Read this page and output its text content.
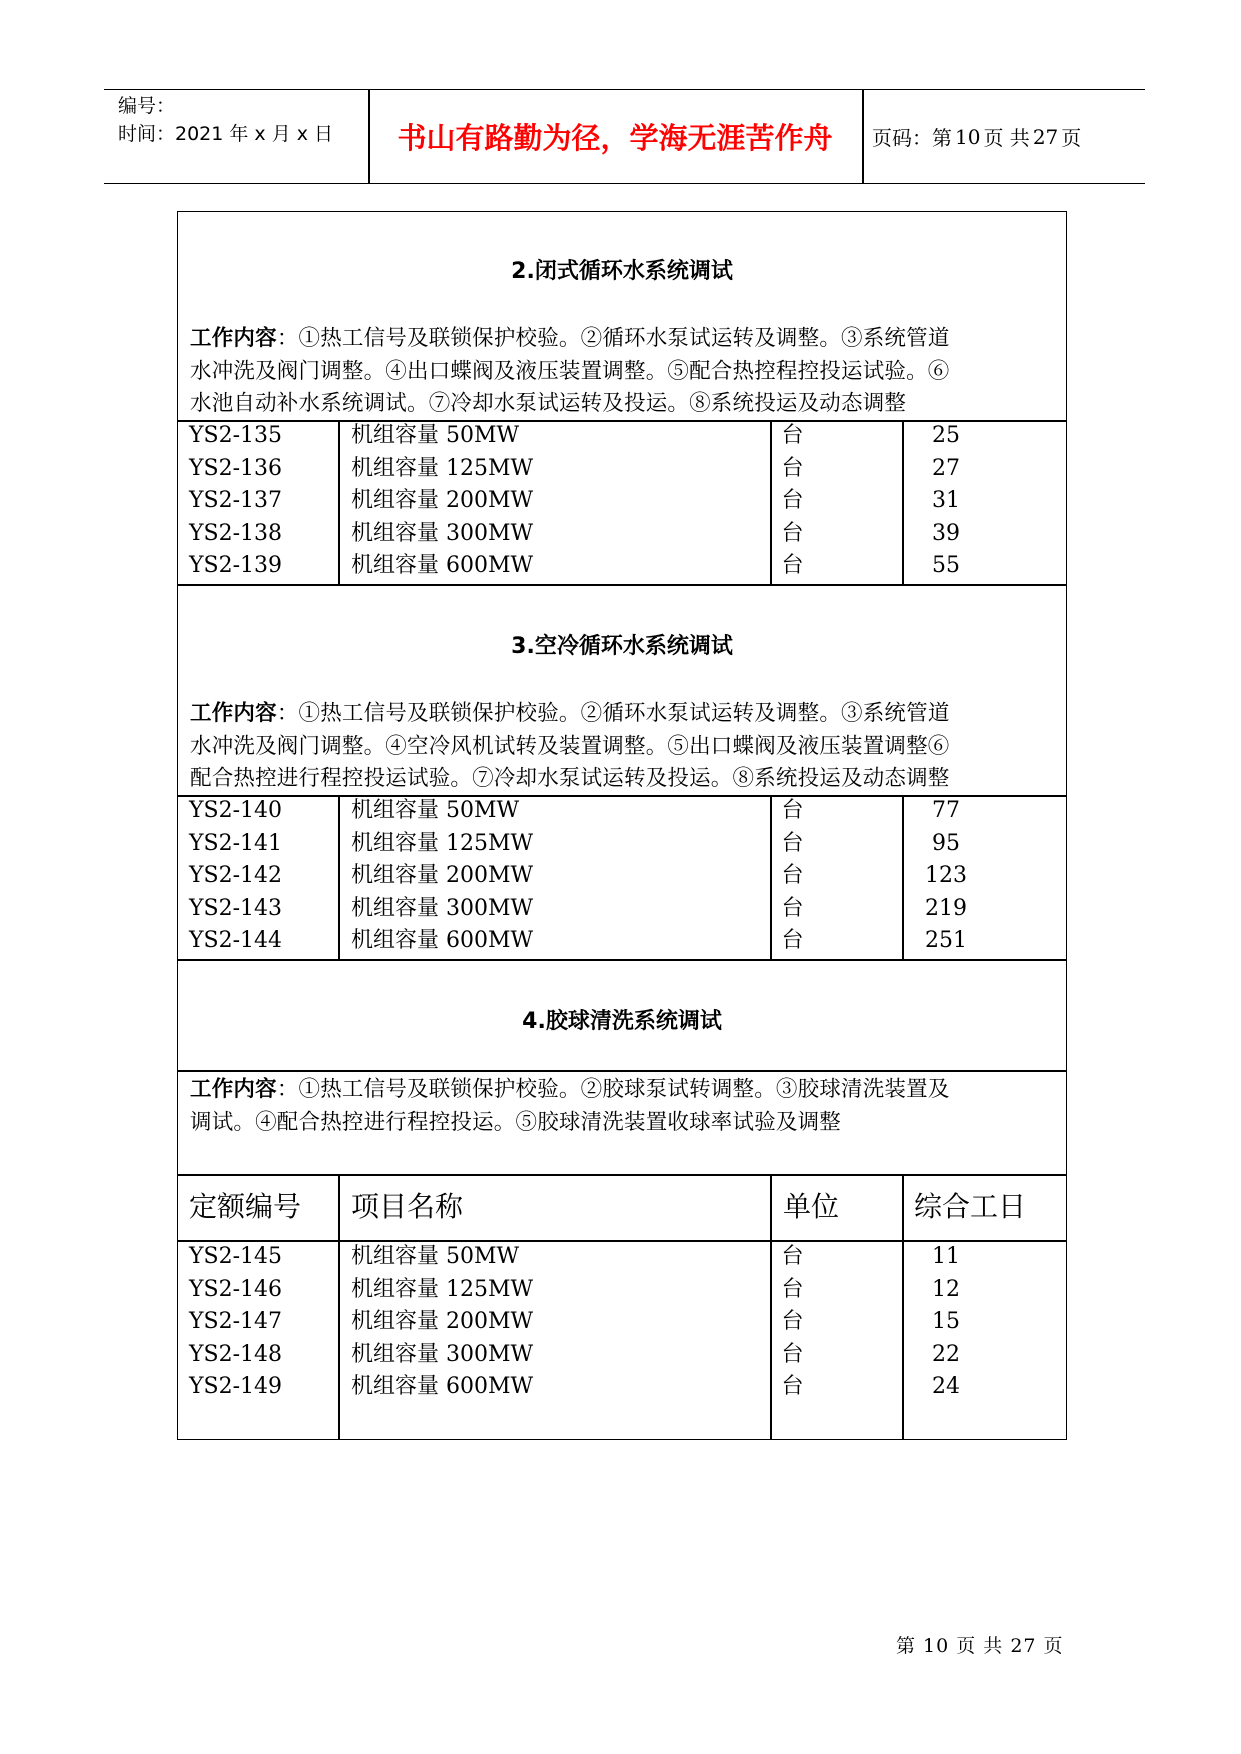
编号：
时间：2021 年 x 月 x 日	书山有路勤为径，学海无涯苦作舟	页码：第 10 页 共 27 页
2.闭式循环水系统调试
工作内容：①热工信号及联锁保护校验。②循环水泵试运转及调整。③系统管道
水冲洗及阀门调整。④出口蝶阀及液压装置调整。⑤配合热控程控投运试验。⑥
水池自动补水系统调试。⑦冷却水泵试运转及投运。⑧系统投运及动态调整
YS2-135	机组容量 50MW	台	25
YS2-136	机组容量 125MW	台	27
YS2-137	机组容量 200MW	台	31
YS2-138	机组容量 300MW	台	39
YS2-139	机组容量 600MW	台	55
3.空冷循环水系统调试
工作内容：①热工信号及联锁保护校验。②循环水泵试运转及调整。③系统管道
水冲洗及阀门调整。④空冷风机试转及装置调整。⑤出口蝶阀及液压装置调整⑥
配合热控进行程控投运试验。⑦冷却水泵试运转及投运。⑧系统投运及动态调整
YS2-140	机组容量 50MW	台	77
YS2-141	机组容量 125MW	台	95
YS2-142	机组容量 200MW	台	123
YS2-143	机组容量 300MW	台	219
YS2-144	机组容量 600MW	台	251
4.胶球清洗系统调试
工作内容：①热工信号及联锁保护校验。②胶球泵试转调整。③胶球清洗装置及
调试。④配合热控进行程控投运。⑤胶球清洗装置收球率试验及调整
定额编号 项目名称	单位	综合工日
YS2-145	机组容量 50MW	台	11
YS2-146	机组容量 125MW	台	12
YS2-147	机组容量 200MW	台	15
YS2-148	机组容量 300MW	台	22
YS2-149	机组容量 600MW	台	24
第 10 页 共 27 页
